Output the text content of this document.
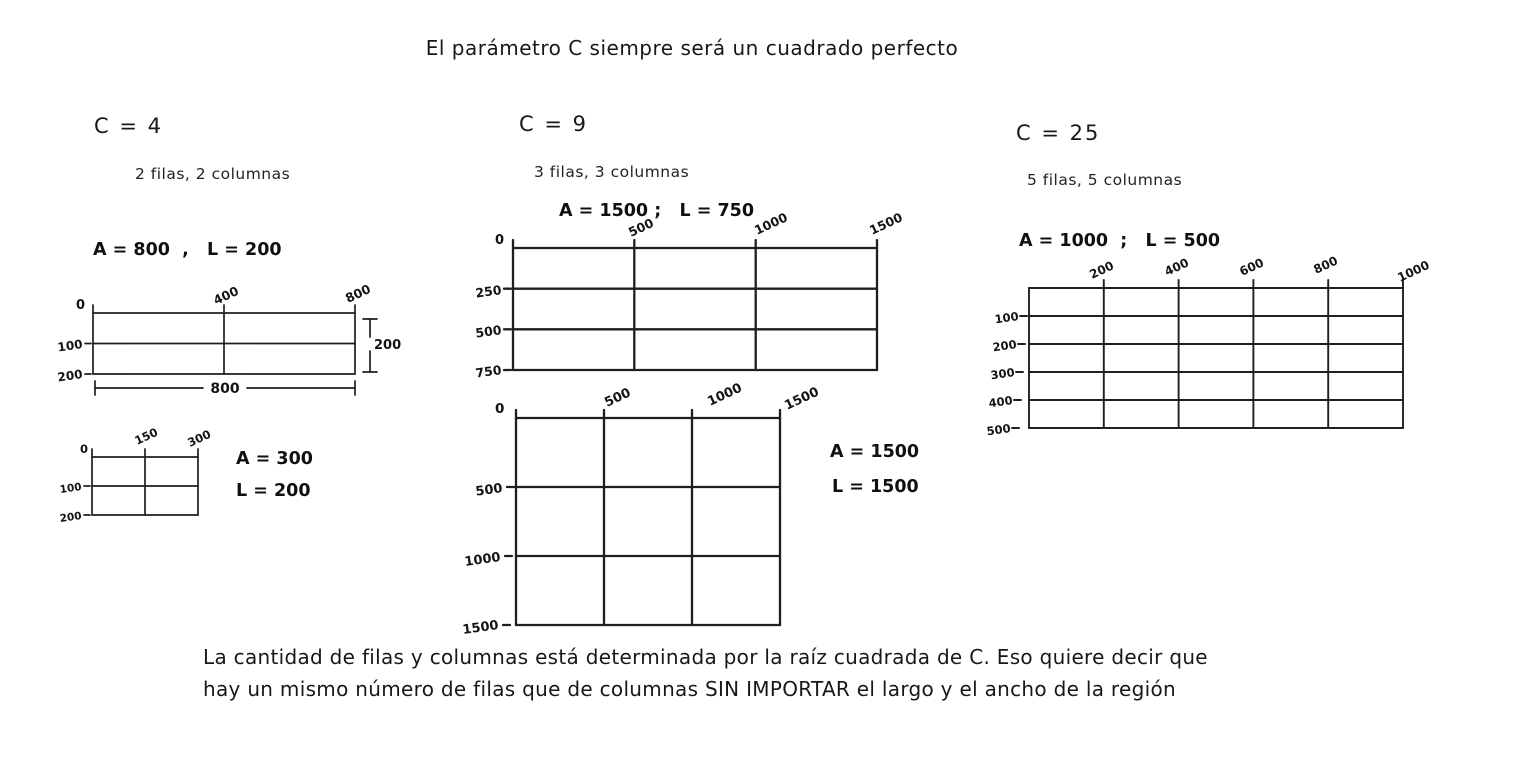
El parámetro C siempre será un cuadrado perfecto
C = 4
2 filas, 2 columnas
A = 800  ,   L = 200
0	400	800
100
200
200
800
0
150 300
100
200
A = 300
L = 200
C = 9
3 filas, 3 columnas
A = 1500 ;   L = 750
0
500	1000	1500
250
500
750
0	500	1000	1500
500
1000
1500
A = 1500
L = 1500
C = 25
5 filas, 5 columnas
A = 1000  ;   L = 500
200	400	600	800	1000
100
200
300
400
500
La cantidad de filas y columnas está determinada por la raíz cuadrada de C. Eso quiere decir que
hay un mismo número de filas que de columnas SIN IMPORTAR el largo y el ancho de la región
